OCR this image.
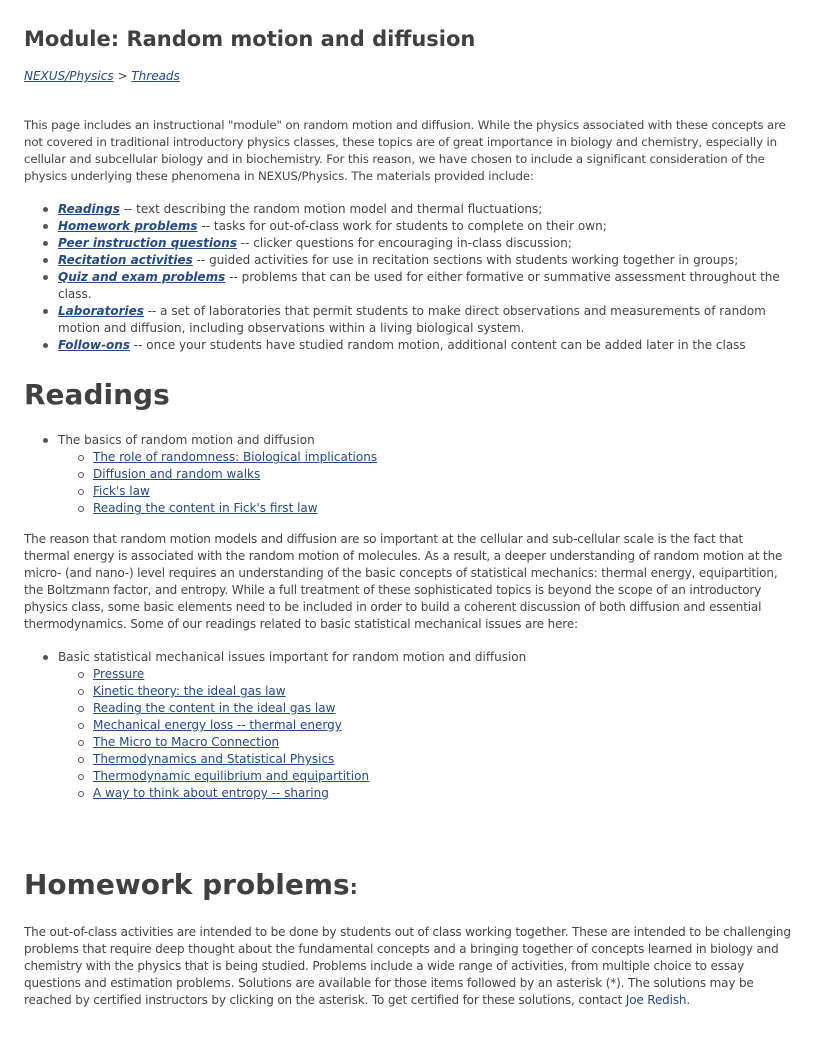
Module: Random motion and diffusion
NEXUS/Physics > Threads

This page includes an instructional "module" on random motion and diffusion. While the physics associated with these concepts are not covered in traditional introductory physics classes, these topics are of great importance in biology and chemistry, especially in cellular and subcellular biology and in biochemistry. For this reason, we have chosen to include a significant consideration of the physics underlying these phenomena in NEXUS/Physics. The materials provided include:

Readings -- text describing the random motion model and thermal fluctuations;
Homework problems -- tasks for out-of-class work for students to complete on their own;
Peer instruction questions -- clicker questions for encouraging in-class discussion;
Recitation activities -- guided activities for use in recitation sections with students working together in groups;
Quiz and exam problems -- problems that can be used for either formative or summative assessment throughout the class.
Laboratories -- a set of laboratories that permit students to make direct observations and measurements of random motion and diffusion, including observations within a living biological system.
Follow-ons -- once your students have studied random motion, additional content can be added later in the class
Readings
The basics of random motion and diffusion
The role of randomness: Biological implications
Diffusion and random walks
Fick's law
Reading the content in Fick's first law

The reason that random motion models and diffusion are so important at the cellular and sub-cellular scale is the fact that thermal energy is associated with the random motion of molecules. As a result, a deeper understanding of random motion at the micro- (and nano-) level requires an understanding of the basic concepts of statistical mechanics: thermal energy, equipartition, the Boltzmann factor, and entropy. While a full treatment of these sophisticated topics is beyond the scope of an introductory physics class, some basic elements need to be included in order to build a coherent discussion of both diffusion and essential thermodynamics. Some of our readings related to basic statistical mechanical issues are here:

Basic statistical mechanical issues important for random motion and diffusion
Pressure
Kinetic theory: the ideal gas law
Reading the content in the ideal gas law
Mechanical energy loss -- thermal energy
The Micro to Macro Connection
Thermodynamics and Statistical Physics
Thermodynamic equilibrium and equipartition
A way to think about entropy -- sharing
Homework problems:

The out-of-class activities are intended to be done by students out of class working together. These are intended to be challenging problems that require deep thought about the fundamental concepts and a bringing together of concepts learned in biology and chemistry with the physics that is being studied. Problems include a wide range of activities, from multiple choice to essay questions and estimation problems. Solutions are available for those items followed by an asterisk (*). The solutions may be reached by certified instructors by clicking on the asterisk. To get certified for these solutions, contact Joe Redish.
